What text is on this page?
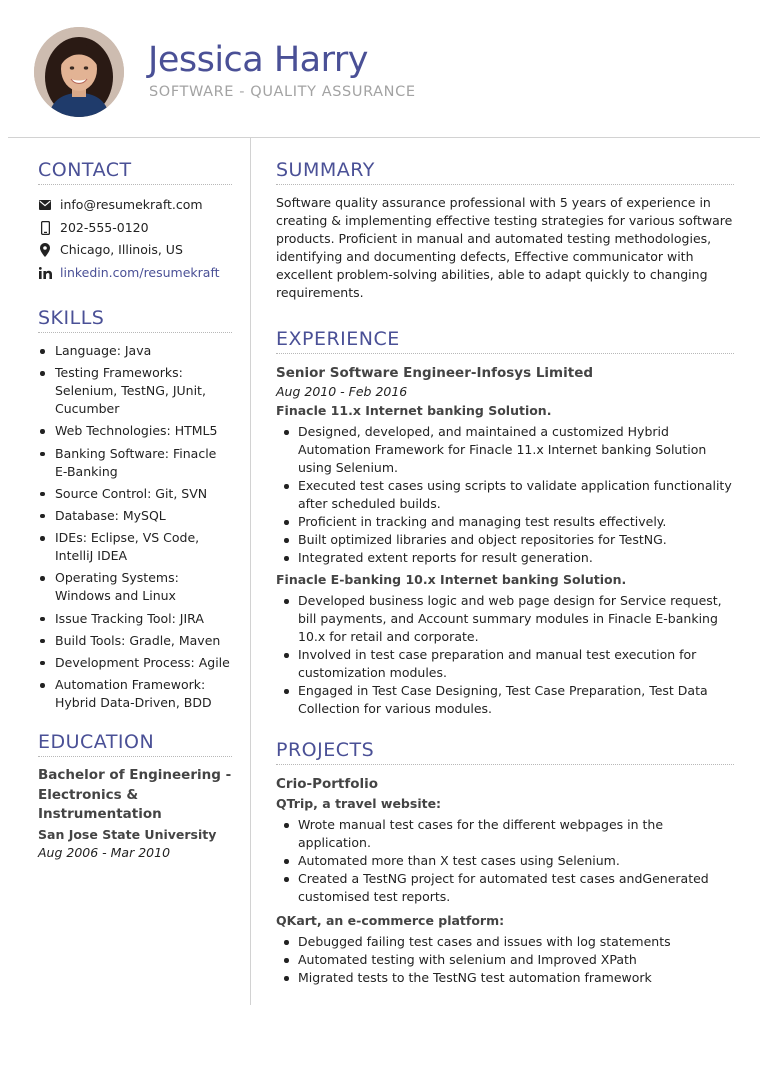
Jessica Harry
SOFTWARE - QUALITY ASSURANCE
CONTACT
info@resumekraft.com
202-555-0120
Chicago, Illinois, US
linkedin.com/resumekraft
SKILLS
Language: Java
Testing Frameworks: Selenium, TestNG, JUnit, Cucumber
Web Technologies: HTML5
Banking Software: Finacle E-Banking
Source Control: Git, SVN
Database: MySQL
IDEs: Eclipse, VS Code, IntelliJ IDEA
Operating Systems: Windows and Linux
Issue Tracking Tool: JIRA
Build Tools: Gradle, Maven
Development Process: Agile
Automation Framework: Hybrid Data-Driven, BDD
EDUCATION
Bachelor of Engineering - Electronics & Instrumentation
San Jose State University
Aug 2006 - Mar 2010
SUMMARY

Software quality assurance professional with 5 years of experience in creating & implementing effective testing strategies for various software products. Proficient in manual and automated testing methodologies, identifying and documenting defects, Effective communicator with excellent problem-solving abilities, able to adapt quickly to changing requirements.

EXPERIENCE
Senior Software Engineer-Infosys Limited
Aug 2010 - Feb 2016
Finacle 11.x Internet banking Solution.
Designed, developed, and maintained a customized Hybrid Automation Framework for Finacle 11.x Internet banking Solution using Selenium.
Executed test cases using scripts to validate application functionality after scheduled builds.
Proficient in tracking and managing test results effectively.
Built optimized libraries and object repositories for TestNG.
Integrated extent reports for result generation.
Finacle E-banking 10.x Internet banking Solution.
Developed business logic and web page design for Service request, bill payments, and Account summary modules in Finacle E-banking 10.x for retail and corporate.
Involved in test case preparation and manual test execution for customization modules.
Engaged in Test Case Designing, Test Case Preparation, Test Data Collection for various modules.
PROJECTS
Crio-Portfolio
QTrip, a travel website:
Wrote manual test cases for the different webpages in the application.
Automated more than X test cases using Selenium.
Created a TestNG project for automated test cases andGenerated customised test reports.
QKart, an e-commerce platform:
Debugged failing test cases and issues with log statements
Automated testing with selenium and Improved XPath
Migrated tests to the TestNG test automation framework
